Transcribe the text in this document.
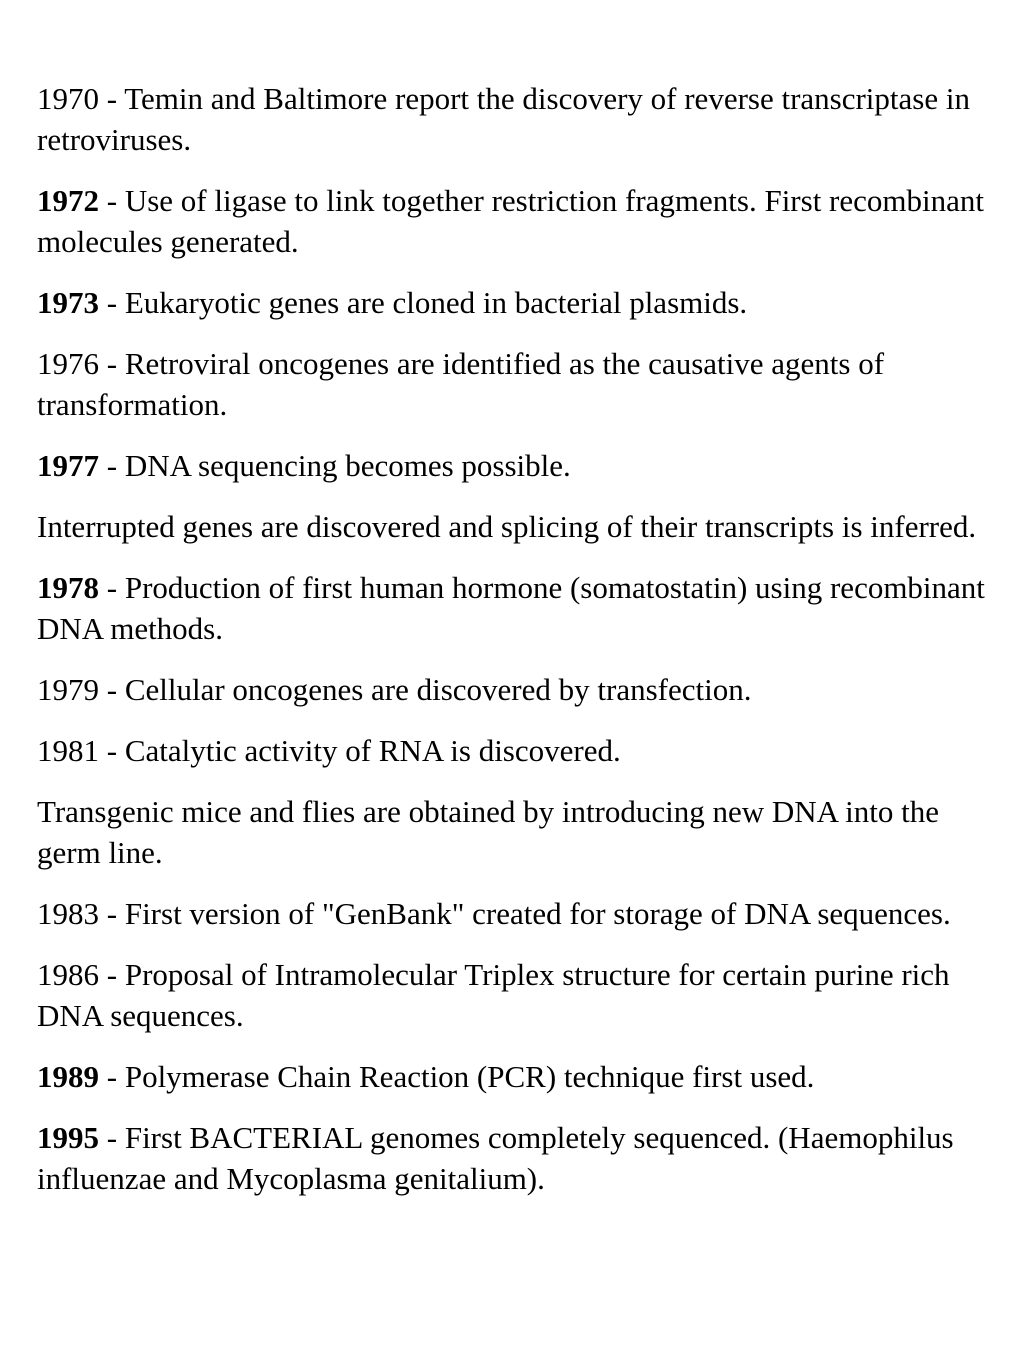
1970 - Temin and Baltimore report the discovery of reverse transcriptase in retroviruses.

1972 - Use of ligase to link together restriction fragments. First recombinant molecules generated.

1973 - Eukaryotic genes are cloned in bacterial plasmids.

1976 - Retroviral oncogenes are identified as the causative agents of transformation.

1977 - DNA sequencing becomes possible.

Interrupted genes are discovered and splicing of their transcripts is inferred.

1978 - Production of first human hormone (somatostatin) using recombinant DNA methods.

1979 - Cellular oncogenes are discovered by transfection.

1981 - Catalytic activity of RNA is discovered.

Transgenic mice and flies are obtained by introducing new DNA into the germ line.

1983 - First version of "GenBank" created for storage of DNA sequences.

1986 - Proposal of Intramolecular Triplex structure for certain purine rich DNA sequences.

1989 - Polymerase Chain Reaction (PCR) technique first used.

1995 - First BACTERIAL genomes completely sequenced. (Haemophilus influenzae and Mycoplasma genitalium).
